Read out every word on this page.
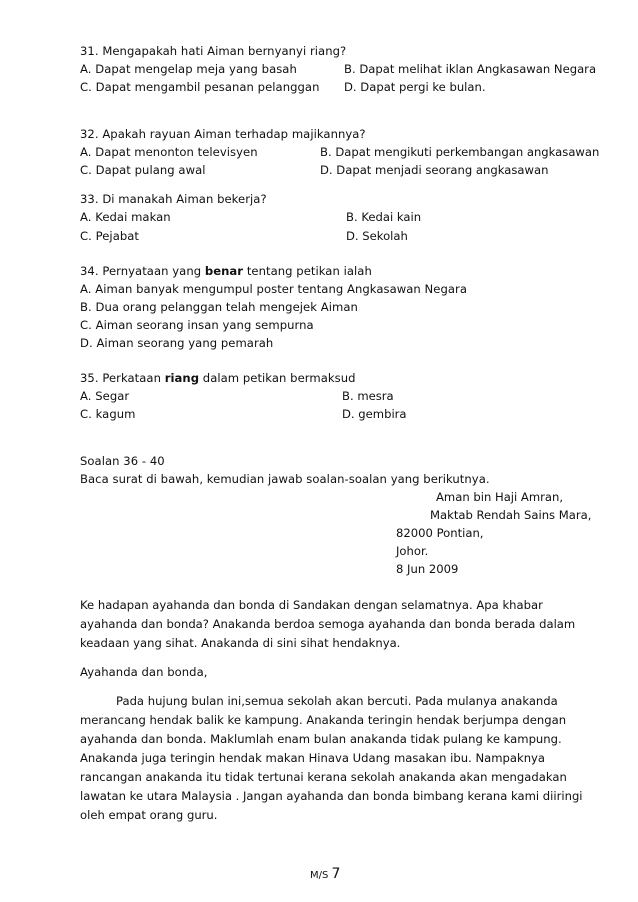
31. Mengapakah hati Aiman bernyanyi riang?
A. Dapat mengelap meja yang basah	B. Dapat melihat iklan Angkasawan Negara
C. Dapat mengambil pesanan pelanggan D. Dapat pergi ke bulan.
32. Apakah rayuan Aiman terhadap majikannya?
A. Dapat menonton televisyen	B. Dapat mengikuti perkembangan angkasawan
C. Dapat pulang awal	D. Dapat menjadi seorang angkasawan
33. Di manakah Aiman bekerja?
A. Kedai makan	B. Kedai kain
C. Pejabat	D. Sekolah
34. Pernyataan yang benar tentang petikan ialah
A. Aiman banyak mengumpul poster tentang Angkasawan Negara
B. Dua orang pelanggan telah mengejek Aiman
C. Aiman seorang insan yang sempurna
D. Aiman seorang yang pemarah
35. Perkataan riang dalam petikan bermaksud
A. Segar	B. mesra
C. kagum	D. gembira
Soalan 36 - 40
Baca surat di bawah, kemudian jawab soalan-soalan yang berikutnya.
Aman bin Haji Amran,
Maktab Rendah Sains Mara,
82000 Pontian,
Johor.
8 Jun 2009
Ke hadapan ayahanda dan bonda di Sandakan dengan selamatnya. Apa khabar ayahanda dan bonda? Anakanda berdoa semoga ayahanda dan bonda berada dalam keadaan yang sihat. Anakanda di sini sihat hendaknya.
Ayahanda dan bonda,
Pada hujung bulan ini,semua sekolah akan bercuti. Pada mulanya anakanda merancang hendak balik ke kampung. Anakanda teringin hendak berjumpa dengan ayahanda dan bonda. Maklumlah enam bulan anakanda tidak pulang ke kampung. Anakanda juga teringin hendak makan Hinava Udang masakan ibu. Nampaknya rancangan anakanda itu tidak tertunai kerana sekolah anakanda akan mengadakan lawatan ke utara Malaysia . Jangan ayahanda dan bonda bimbang kerana kami diiringi oleh empat orang guru.
M/S 7
